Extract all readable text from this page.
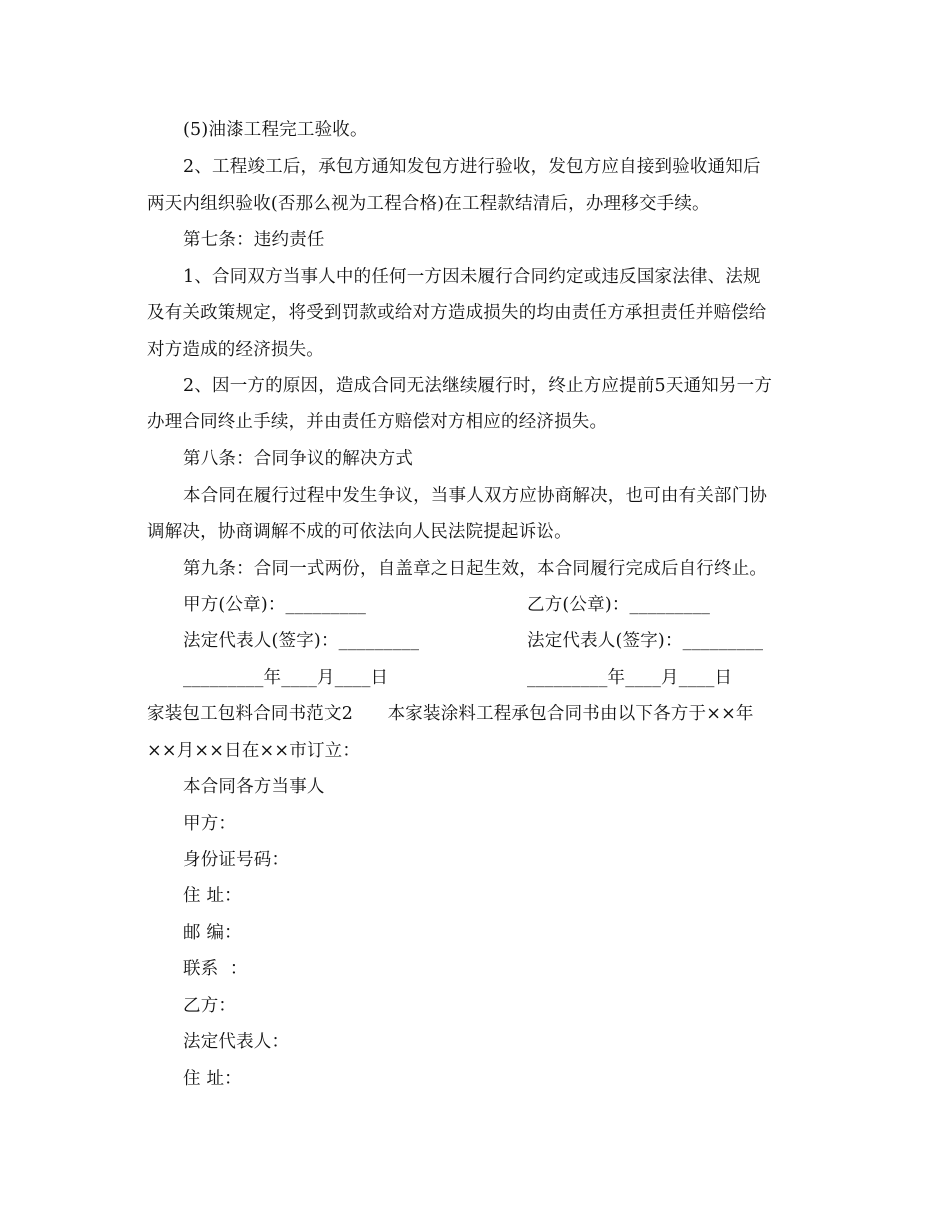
(5)油漆工程完工验收。
2、工程竣工后，承包方通知发包方进行验收，发包方应自接到验收通知后
两天内组织验收(否那么视为工程合格)在工程款结清后，办理移交手续。
第七条：违约责任
1、合同双方当事人中的任何一方因未履行合同约定或违反国家法律、法规
及有关政策规定，将受到罚款或给对方造成损失的均由责任方承担责任并赔偿给
对方造成的经济损失。
2、因一方的原因，造成合同无法继续履行时，终止方应提前5天通知另一方
办理合同终止手续，并由责任方赔偿对方相应的经济损失。
第八条：合同争议的解决方式
本合同在履行过程中发生争议，当事人双方应协商解决，也可由有关部门协
调解决，协商调解不成的可依法向人民法院提起诉讼。
第九条：合同一式两份，自盖章之日起生效，本合同履行完成后自行终止。
甲方(公章)：_________	乙方(公章)：_________
法定代表人(签字)：_________	法定代表人(签字)：_________
_________年____月____日	_________年____月____日
家装包工包料合同书范文2      本家装涂料工程承包合同书由以下各方于××年
××月××日在××市订立：
本合同各方当事人
甲方：
身份证号码：
住 址：
邮 编：
联系  ：
乙方：
法定代表人：
住 址：
